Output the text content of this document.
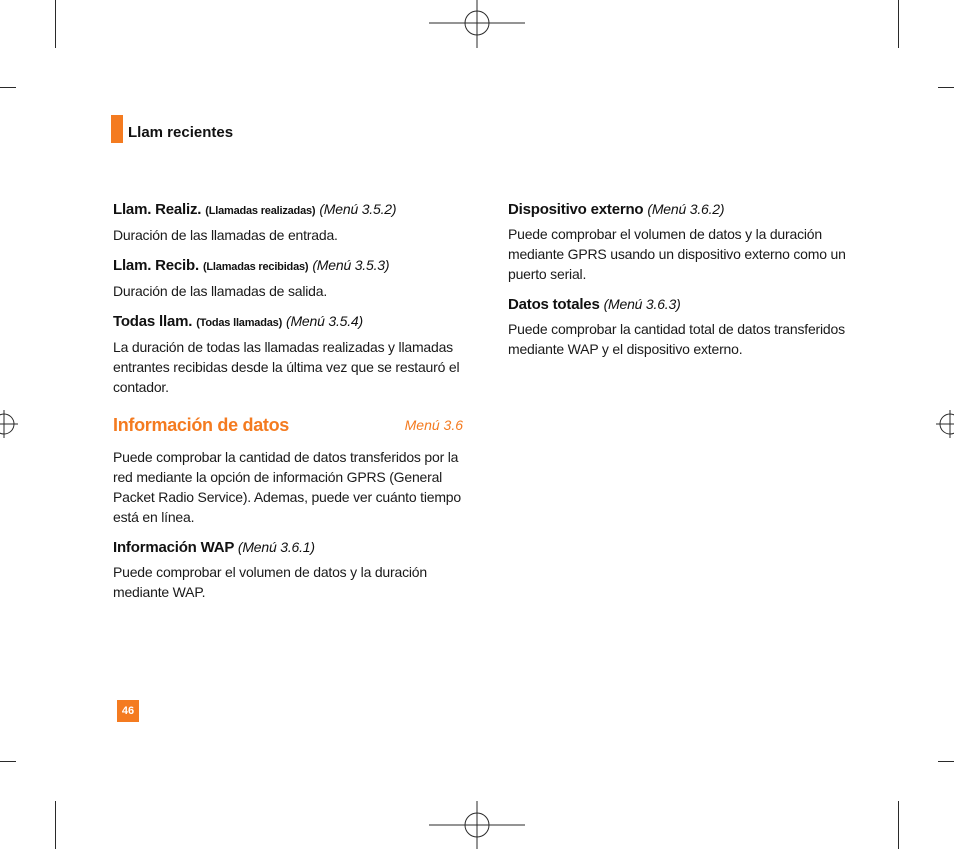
Llam recientes
Llam. Realiz. (Llamadas realizadas) (Menú 3.5.2)

Duración de las llamadas de entrada.

Llam. Recib. (Llamadas recibidas) (Menú 3.5.3)

Duración de las llamadas de salida.

Todas llam. (Todas llamadas) (Menú 3.5.4)

La duración de todas las llamadas realizadas y llamadas entrantes recibidas desde la última vez que se restauró el contador.

Información de datos	Menú 3.6

Puede comprobar la cantidad de datos transferidos por la red mediante la opción de información GPRS (General Packet Radio Service). Ademas, puede ver cuánto tiempo está en línea.

Información WAP (Menú 3.6.1)

Puede comprobar el volumen de datos y la duración mediante WAP.

Dispositivo externo (Menú 3.6.2)

Puede comprobar el volumen de datos y la duración mediante GPRS usando un dispositivo externo como un puerto serial.

Datos totales (Menú 3.6.3)

Puede comprobar la cantidad total de datos transferidos mediante WAP y el dispositivo externo.

46
